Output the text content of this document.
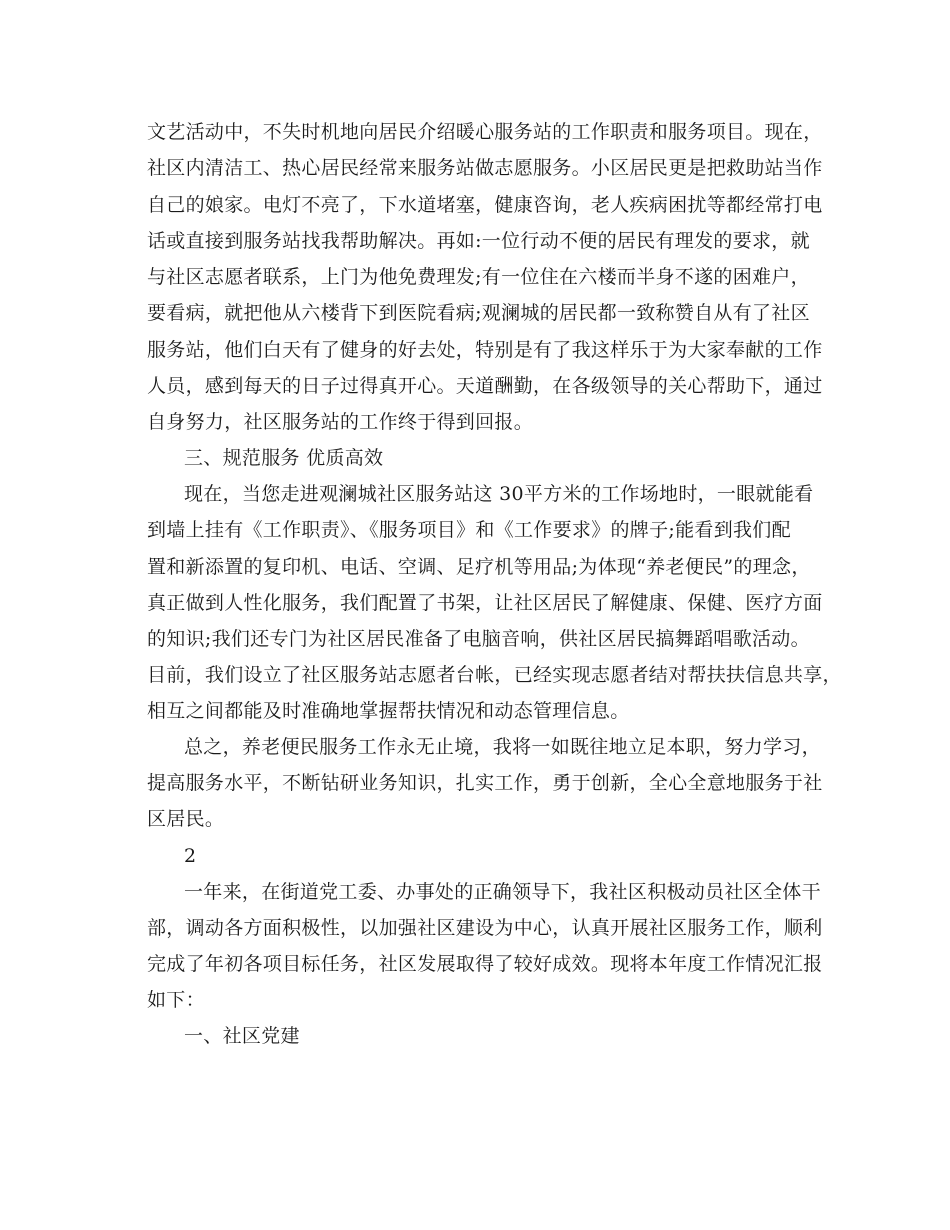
文艺活动中，不失时机地向居民介绍暖心服务站的工作职责和服务项目。现在，
社区内清洁工、热心居民经常来服务站做志愿服务。小区居民更是把救助站当作
自己的娘家。电灯不亮了，下水道堵塞，健康咨询，老人疾病困扰等都经常打电
话或直接到服务站找我帮助解决。再如:一位行动不便的居民有理发的要求，就
与社区志愿者联系，上门为他免费理发;有一位住在六楼而半身不遂的困难户，
要看病，就把他从六楼背下到医院看病;观澜城的居民都一致称赞自从有了社区
服务站，他们白天有了健身的好去处，特别是有了我这样乐于为大家奉献的工作
人员，感到每天的日子过得真开心。天道酬勤，在各级领导的关心帮助下，通过
自身努力，社区服务站的工作终于得到回报。
三、规范服务 优质高效
现在，当您走进观澜城社区服务站这 30平方米的工作场地时，一眼就能看
到墙上挂有《工作职责》、《服务项目》和《工作要求》的牌子;能看到我们配
置和新添置的复印机、电话、空调、足疗机等用品;为体现“养老便民”的理念，
真正做到人性化服务，我们配置了书架，让社区居民了解健康、保健、医疗方面
的知识;我们还专门为社区居民准备了电脑音响，供社区居民搞舞蹈唱歌活动。
目前，我们设立了社区服务站志愿者台帐，已经实现志愿者结对帮扶扶信息共享，
相互之间都能及时准确地掌握帮扶情况和动态管理信息。
总之，养老便民服务工作永无止境，我将一如既往地立足本职，努力学习，
提高服务水平，不断钻研业务知识，扎实工作，勇于创新，全心全意地服务于社
区居民。
2
一年来，在街道党工委、办事处的正确领导下，我社区积极动员社区全体干
部，调动各方面积极性，以加强社区建设为中心，认真开展社区服务工作，顺利
完成了年初各项目标任务，社区发展取得了较好成效。现将本年度工作情况汇报
如下：
一、社区党建
